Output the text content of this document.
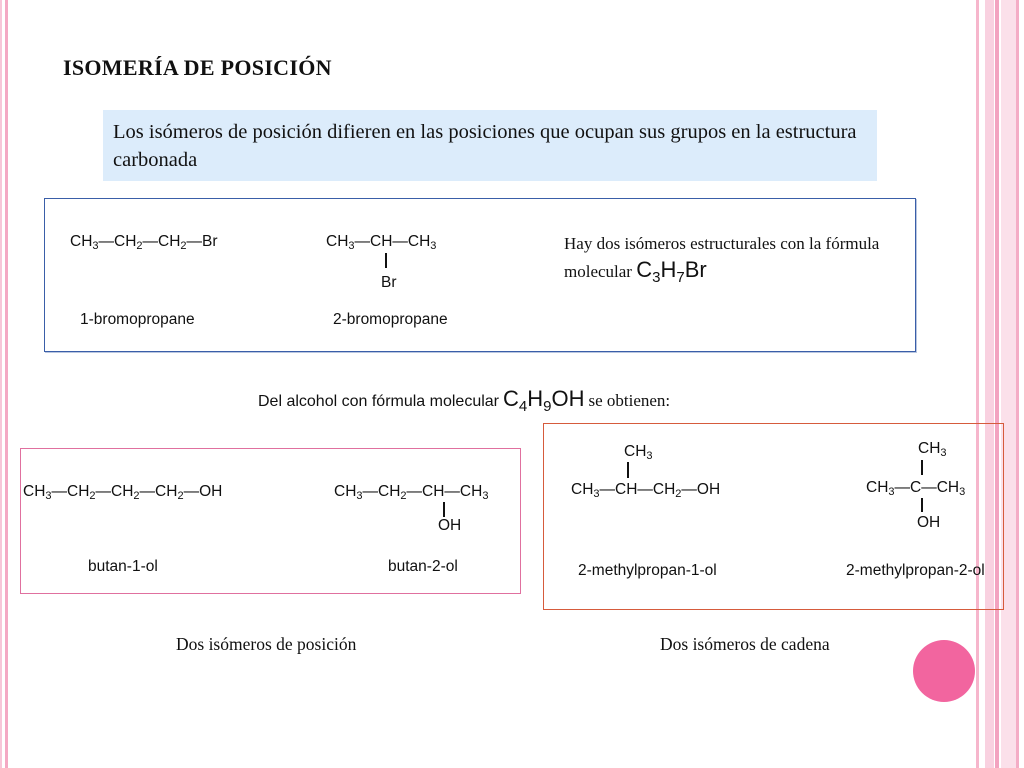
ISOMERÍA DE POSICIÓN
Los isómeros de posición difieren en las posiciones que ocupan sus grupos en la estructura carbonada
$CH_3—CH_2—CH_2—Br$
1-bromopropane
$CH_3—CH—CH_3$
Br
2-bromopropane
Hay dos isómeros estructurales con la fórmula molecular $C_3H_7Br$
Del alcohol con fórmula molecular $C_4H_9OH$ se obtienen:
$CH_3—CH_2—CH_2—CH_2—OH$
butan-1-ol
$CH_3—CH_2—CH—CH_3$
OH
butan-2-ol
$CH_3$
$CH_3—CH—CH_2—OH$
2-methylpropan-1-ol
$CH_3$
$CH_3—C—CH_3$
OH
2-methylpropan-2-ol
Dos isómeros de posición	Dos isómeros de cadena
